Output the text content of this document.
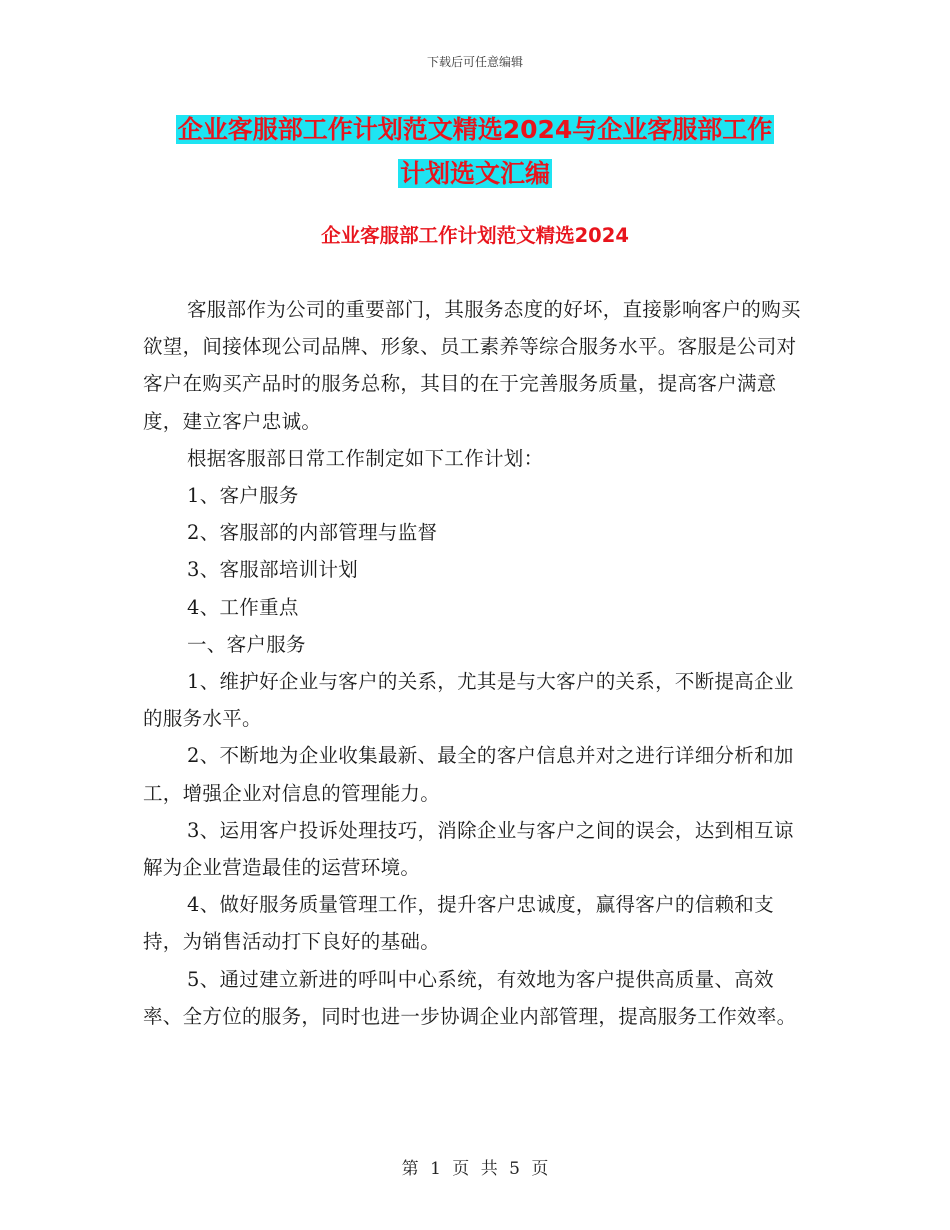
下载后可任意编辑
企业客服部工作计划范文精选2024与企业客服部工作
计划选文汇编
企业客服部工作计划范文精选2024

客服部作为公司的重要部门，其服务态度的好坏，直接影响客户的购买欲望，间接体现公司品牌、形象、员工素养等综合服务水平。客服是公司对客户在购买产品时的服务总称，其目的在于完善服务质量，提高客户满意度，建立客户忠诚。

根据客服部日常工作制定如下工作计划：

1、客户服务

2、客服部的内部管理与监督

3、客服部培训计划

4、工作重点

一、客户服务

1、维护好企业与客户的关系，尤其是与大客户的关系，不断提高企业的服务水平。

2、不断地为企业收集最新、最全的客户信息并对之进行详细分析和加工，增强企业对信息的管理能力。

3、运用客户投诉处理技巧，消除企业与客户之间的误会，达到相互谅解为企业营造最佳的运营环境。

4、做好服务质量管理工作，提升客户忠诚度，赢得客户的信赖和支持，为销售活动打下良好的基础。

5、通过建立新进的呼叫中心系统，有效地为客户提供高质量、高效率、全方位的服务，同时也进一步协调企业内部管理，提高服务工作效率。

第 1 页 共 5 页
